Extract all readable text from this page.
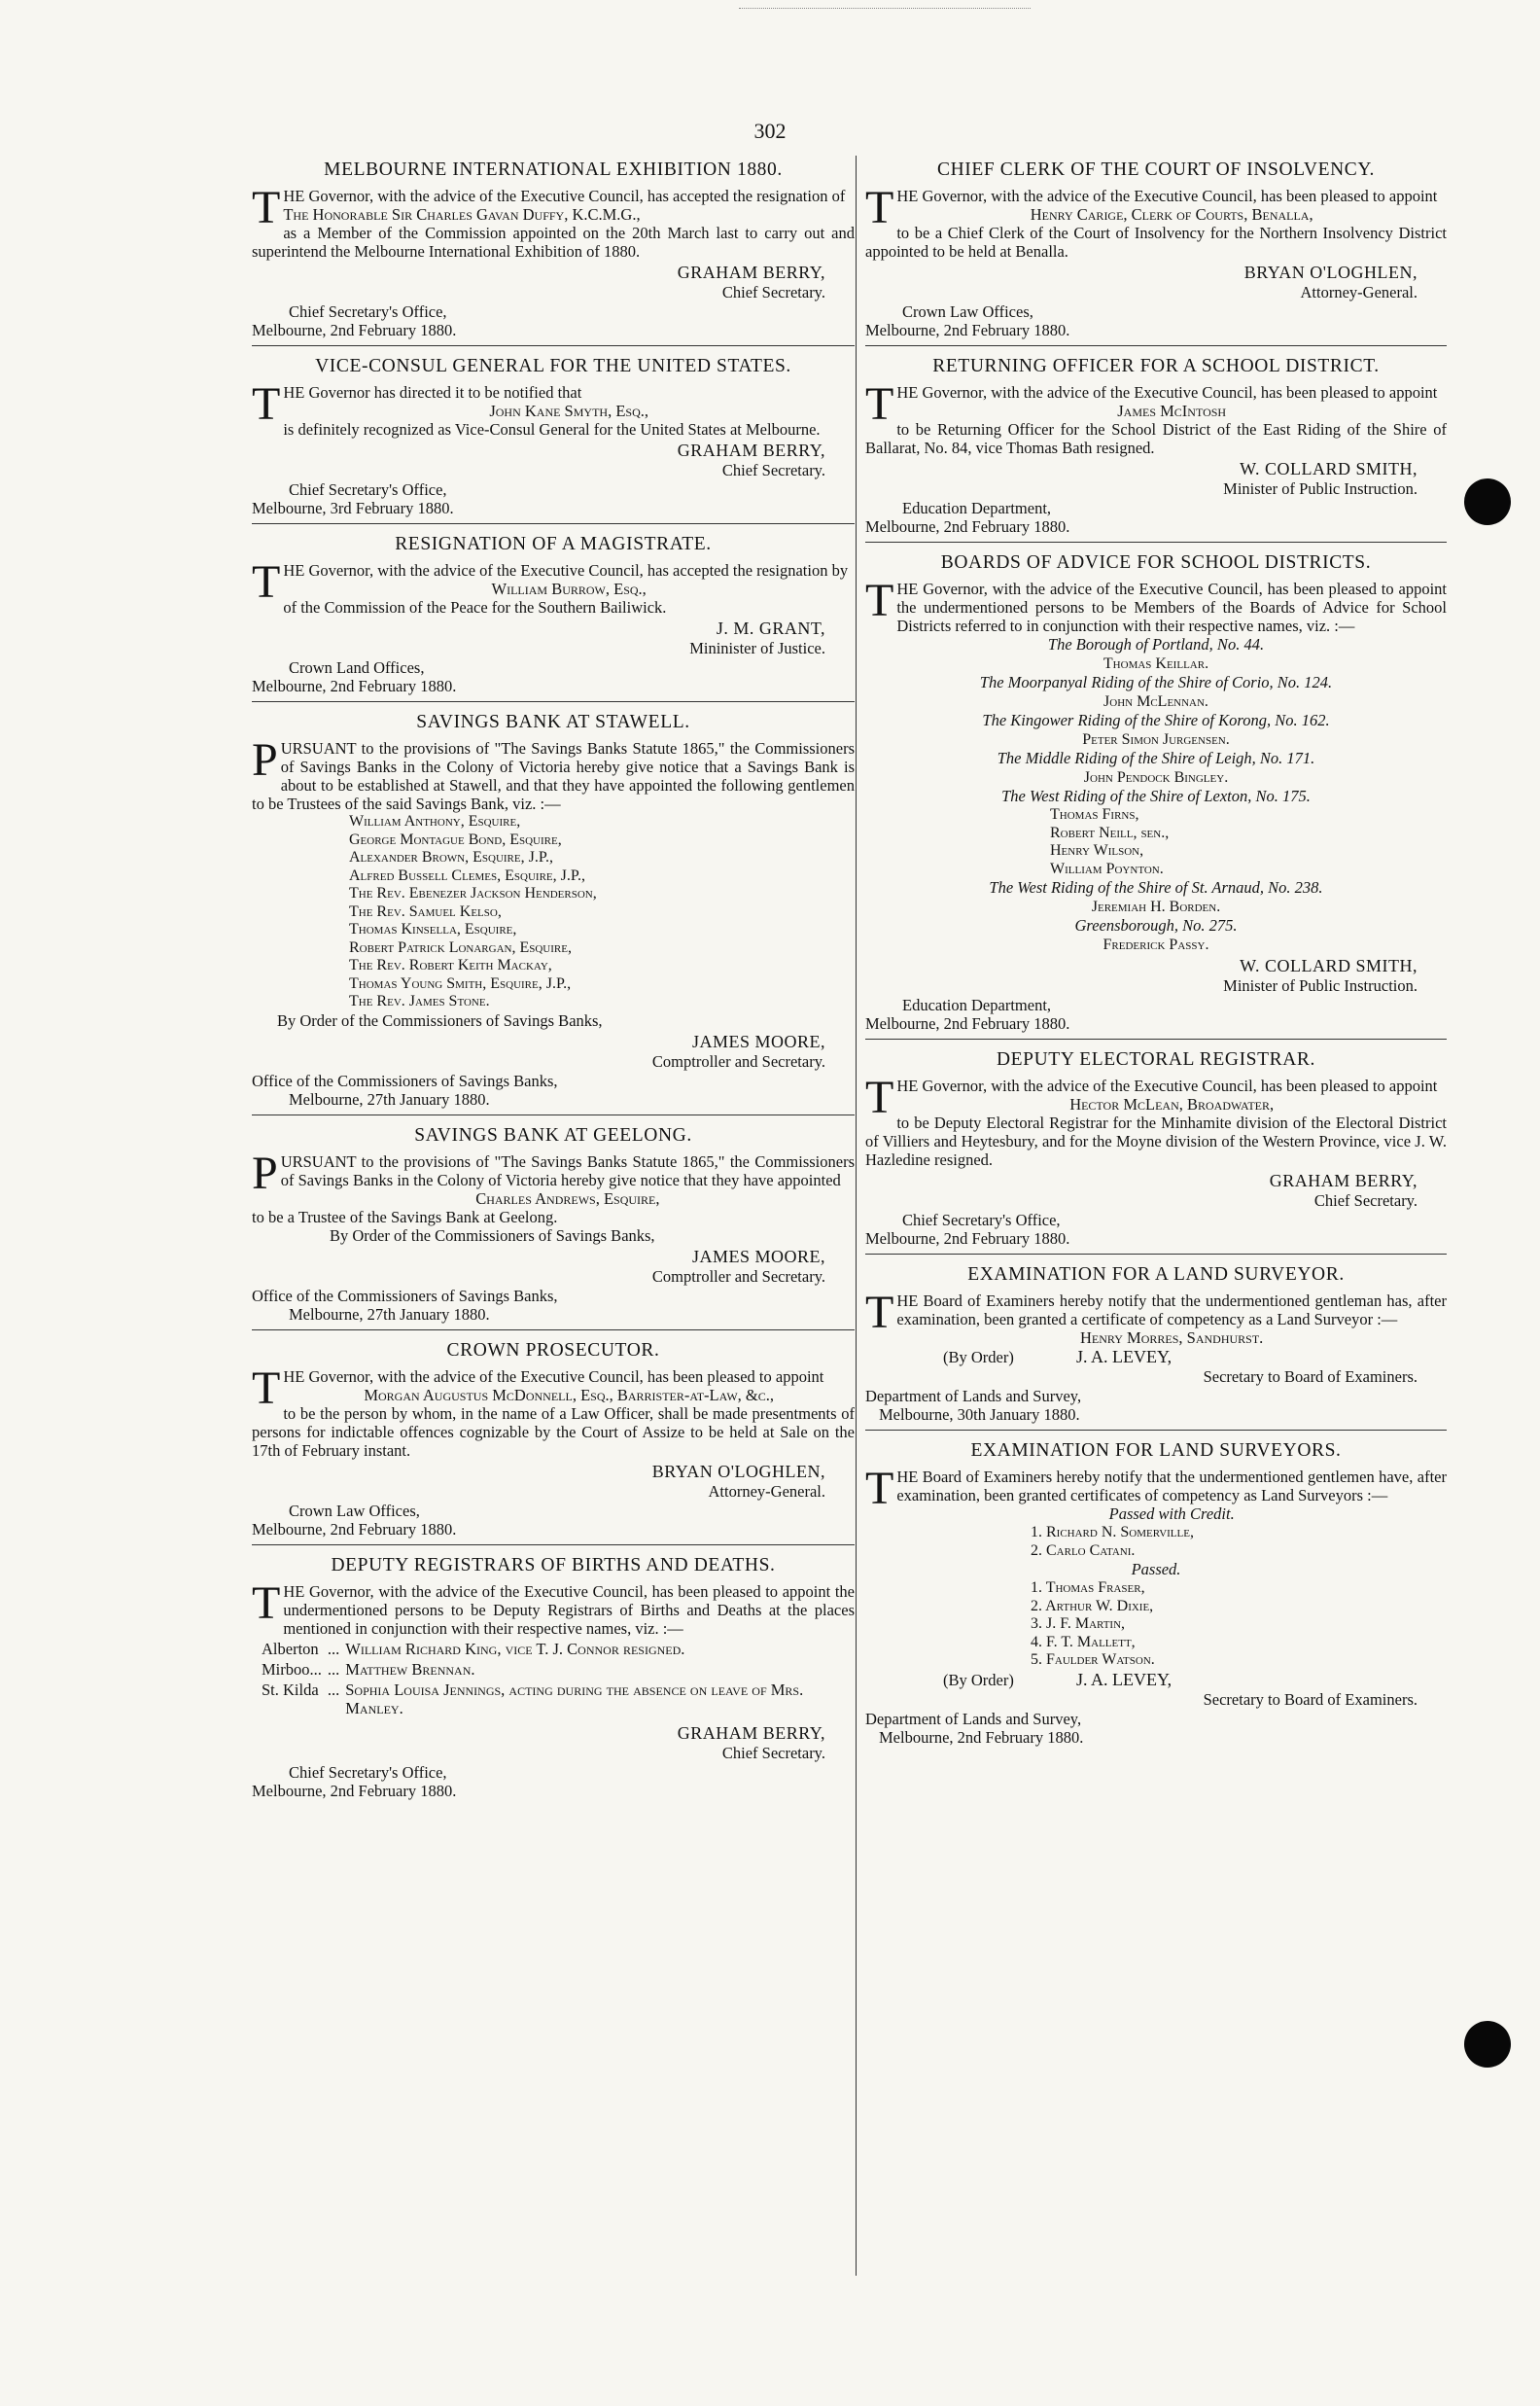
302
MELBOURNE INTERNATIONAL EXHIBITION 1880.

THE Governor, with the advice of the Executive Council, has accepted the resignation of

The Honorable Sir Charles Gavan Duffy, K.C.M.G.,

as a Member of the Commission appointed on the 20th March last to carry out and superintend the Melbourne International Exhibition of 1880.

GRAHAM BERRY,
Chief Secretary.
Chief Secretary's Office,
Melbourne, 2nd February 1880.
VICE-CONSUL GENERAL FOR THE UNITED STATES.

THE Governor has directed it to be notified that

John Kane Smyth, Esq.,

is definitely recognized as Vice-Consul General for the United States at Melbourne.

GRAHAM BERRY,
Chief Secretary.
Chief Secretary's Office,
Melbourne, 3rd February 1880.
RESIGNATION OF A MAGISTRATE.

THE Governor, with the advice of the Executive Council, has accepted the resignation by

William Burrow, Esq.,

of the Commission of the Peace for the Southern Bailiwick.

J. M. GRANT,
Mininister of Justice.
Crown Land Offices,
Melbourne, 2nd February 1880.
SAVINGS BANK AT STAWELL.

PURSUANT to the provisions of "The Savings Banks Statute 1865," the Commissioners of Savings Banks in the Colony of Victoria hereby give notice that a Savings Bank is about to be established at Stawell, and that they have appointed the following gentlemen to be Trustees of the said Savings Bank, viz. :—

William Anthony, Esquire,
George Montague Bond, Esquire,
Alexander Brown, Esquire, J.P.,
Alfred Bussell Clemes, Esquire, J.P.,
The Rev. Ebenezer Jackson Henderson,
The Rev. Samuel Kelso,
Thomas Kinsella, Esquire,
Robert Patrick Lonargan, Esquire,
The Rev. Robert Keith Mackay,
Thomas Young Smith, Esquire, J.P.,
The Rev. James Stone.

By Order of the Commissioners of Savings Banks,

JAMES MOORE,
Comptroller and Secretary.
Office of the Commissioners of Savings Banks,
Melbourne, 27th January 1880.
SAVINGS BANK AT GEELONG.

PURSUANT to the provisions of "The Savings Banks Statute 1865," the Commissioners of Savings Banks in the Colony of Victoria hereby give notice that they have appointed

Charles Andrews, Esquire,

to be a Trustee of the Savings Bank at Geelong.

By Order of the Commissioners of Savings Banks,

JAMES MOORE,
Comptroller and Secretary.
Office of the Commissioners of Savings Banks,
Melbourne, 27th January 1880.
CROWN PROSECUTOR.

THE Governor, with the advice of the Executive Council, has been pleased to appoint

Morgan Augustus McDonnell, Esq., Barrister-at-Law, &c.,

to be the person by whom, in the name of a Law Officer, shall be made presentments of persons for indictable offences cognizable by the Court of Assize to be held at Sale on the 17th of February instant.

BRYAN O'LOGHLEN,
Attorney-General.
Crown Law Offices,
Melbourne, 2nd February 1880.
DEPUTY REGISTRARS OF BIRTHS AND DEATHS.

THE Governor, with the advice of the Executive Council, has been pleased to appoint the undermentioned persons to be Deputy Registrars of Births and Deaths at the places mentioned in conjunction with their respective names, viz. :—

Alberton	...	William Richard King, vice T. J. Connor resigned.
Mirboo...	...	Matthew Brennan.
St. Kilda	...	Sophia Louisa Jennings, acting during the absence on leave of Mrs. Manley.
GRAHAM BERRY,
Chief Secretary.
Chief Secretary's Office,
Melbourne, 2nd February 1880.
CHIEF CLERK OF THE COURT OF INSOLVENCY.

THE Governor, with the advice of the Executive Council, has been pleased to appoint

Henry Carige, Clerk of Courts, Benalla,

to be a Chief Clerk of the Court of Insolvency for the Northern Insolvency District appointed to be held at Benalla.

BRYAN O'LOGHLEN,
Attorney-General.
Crown Law Offices,
Melbourne, 2nd February 1880.
RETURNING OFFICER FOR A SCHOOL DISTRICT.

THE Governor, with the advice of the Executive Council, has been pleased to appoint

James McIntosh

to be Returning Officer for the School District of the East Riding of the Shire of Ballarat, No. 84, vice Thomas Bath resigned.

W. COLLARD SMITH,
Minister of Public Instruction.
Education Department,
Melbourne, 2nd February 1880.
BOARDS OF ADVICE FOR SCHOOL DISTRICTS.

THE Governor, with the advice of the Executive Council, has been pleased to appoint the undermentioned persons to be Members of the Boards of Advice for School Districts referred to in conjunction with their respective names, viz. :—

The Borough of Portland, No. 44.
Thomas Keillar.
The Moorpanyal Riding of the Shire of Corio, No. 124.
John McLennan.
The Kingower Riding of the Shire of Korong, No. 162.
Peter Simon Jurgensen.
The Middle Riding of the Shire of Leigh, No. 171.
John Pendock Bingley.
The West Riding of the Shire of Lexton, No. 175.
Thomas Firns,
Robert Neill, sen.,
Henry Wilson,
William Poynton.
The West Riding of the Shire of St. Arnaud, No. 238.
Jeremiah H. Borden.
Greensborough, No. 275.
Frederick Passy.
W. COLLARD SMITH,
Minister of Public Instruction.
Education Department,
Melbourne, 2nd February 1880.
DEPUTY ELECTORAL REGISTRAR.

THE Governor, with the advice of the Executive Council, has been pleased to appoint

Hector McLean, Broadwater,

to be Deputy Electoral Registrar for the Minhamite division of the Electoral District of Villiers and Heytesbury, and for the Moyne division of the Western Province, vice J. W. Hazledine resigned.

GRAHAM BERRY,
Chief Secretary.
Chief Secretary's Office,
Melbourne, 2nd February 1880.
EXAMINATION FOR A LAND SURVEYOR.

THE Board of Examiners hereby notify that the undermentioned gentleman has, after examination, been granted a certificate of competency as a Land Surveyor :—

Henry Morres, Sandhurst.

(By Order)	J. A. LEVEY,
Secretary to Board of Examiners.
Department of Lands and Survey,
Melbourne, 30th January 1880.
EXAMINATION FOR LAND SURVEYORS.

THE Board of Examiners hereby notify that the undermentioned gentlemen have, after examination, been granted certificates of competency as Land Surveyors :—

Passed with Credit.
1. Richard N. Somerville,
2. Carlo Catani.
Passed.
1. Thomas Fraser,
2. Arthur W. Dixie,
3. J. F. Martin,
4. F. T. Mallett,
5. Faulder Watson.
(By Order)	J. A. LEVEY,
Secretary to Board of Examiners.
Department of Lands and Survey,
Melbourne, 2nd February 1880.
